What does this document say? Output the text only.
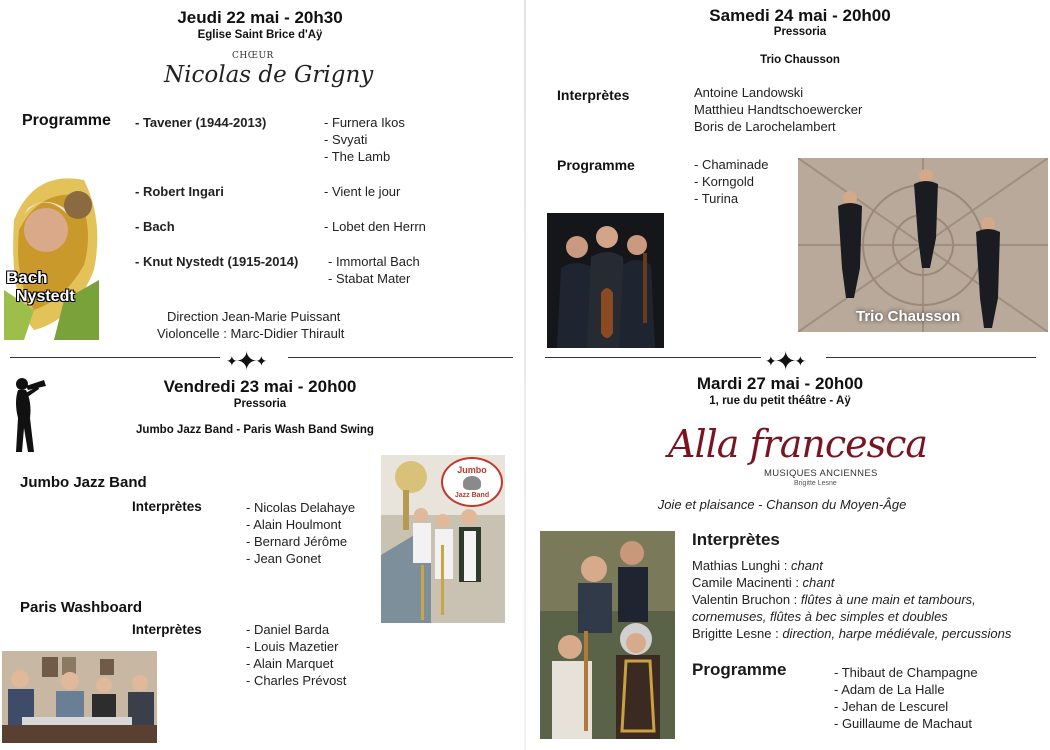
Jeudi 22 mai - 20h30
Eglise Saint Brice d'Aÿ
CHŒUR
Nicolas de Grigny
Programme - Tavener (1944-2013)	- Furnera Ikos
- Svyati
- The Lamb
- Robert Ingari	- Vient le jour
- Bach	- Lobet den Herrn
- Knut Nystedt (1915-2014) - Immortal Bach
- Stabat Mater
Direction Jean-Marie Puissant
Violoncelle : Marc-Didier Thirault
Bach
Nystedt
✦✦✦
Vendredi 23 mai - 20h00
Pressoria
Jumbo Jazz Band - Paris Wash Band Swing
Jumbo Jazz Band
Interprètes	- Nicolas Delahaye
- Alain Houlmont
- Bernard Jérôme
- Jean Gonet
Paris Washboard
Interprètes	- Daniel Barda
- Louis Mazetier
- Alain Marquet
- Charles Prévost
Jumbo
Jazz Band
Samedi 24 mai - 20h00
Pressoria
Trio Chausson
Interprètes	Antoine Landowski
Matthieu Handtschoewercker
Boris de Larochelambert
Programme	- Chaminade
- Korngold
- Turina
Trio Chausson
✦✦✦
Mardi 27 mai - 20h00
1, rue du petit théâtre - Aÿ
Alla francesca
MUSIQUES ANCIENNES
Brigitte Lesne
Joie et plaisance - Chanson du Moyen-Âge
Interprètes
Mathias Lunghi : chant
Camile Macinenti : chant
Valentin Bruchon : flûtes à une main et tambours,
cornemuses, flûtes à bec simples et doubles
Brigitte Lesne : direction, harpe médiévale, percussions
Programme	- Thibaut de Champagne
- Adam de La Halle
- Jehan de Lescurel
- Guillaume de Machaut
